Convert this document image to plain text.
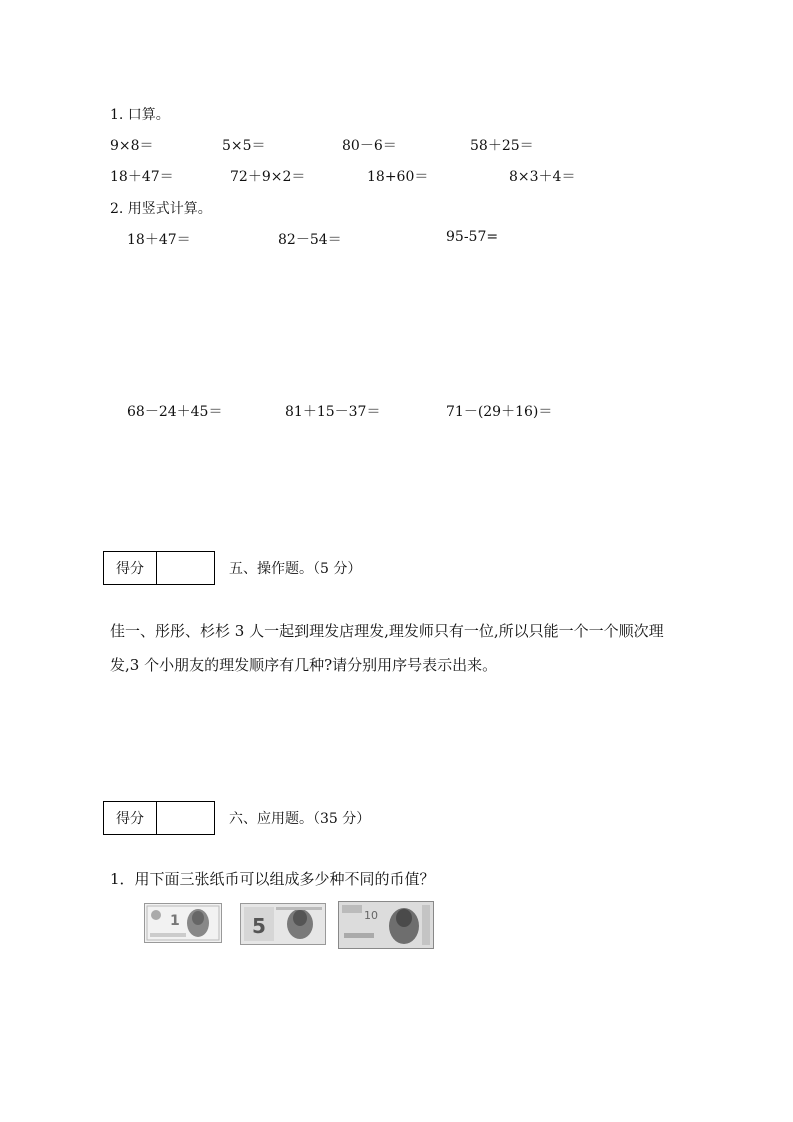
1. 口算。
9×8＝	5×5＝	80－6＝	58＋25＝
18＋47＝	72＋9×2＝	18+60＝	8×3＋4＝
2. 用竖式计算。
18＋47＝	82－54＝	95-57=
68－24＋45＝	81＋15－37＝	71－(29＋16)＝
得分	五、操作题。（5 分）
佳一、彤彤、杉杉 3 人一起到理发店理发,理发师只有一位,所以只能一个一个顺次理
发,3 个小朋友的理发顺序有几种?请分别用序号表示出来。
得分	六、应用题。（35 分）
1．用下面三张纸币可以组成多少种不同的币值？
1	5	10
